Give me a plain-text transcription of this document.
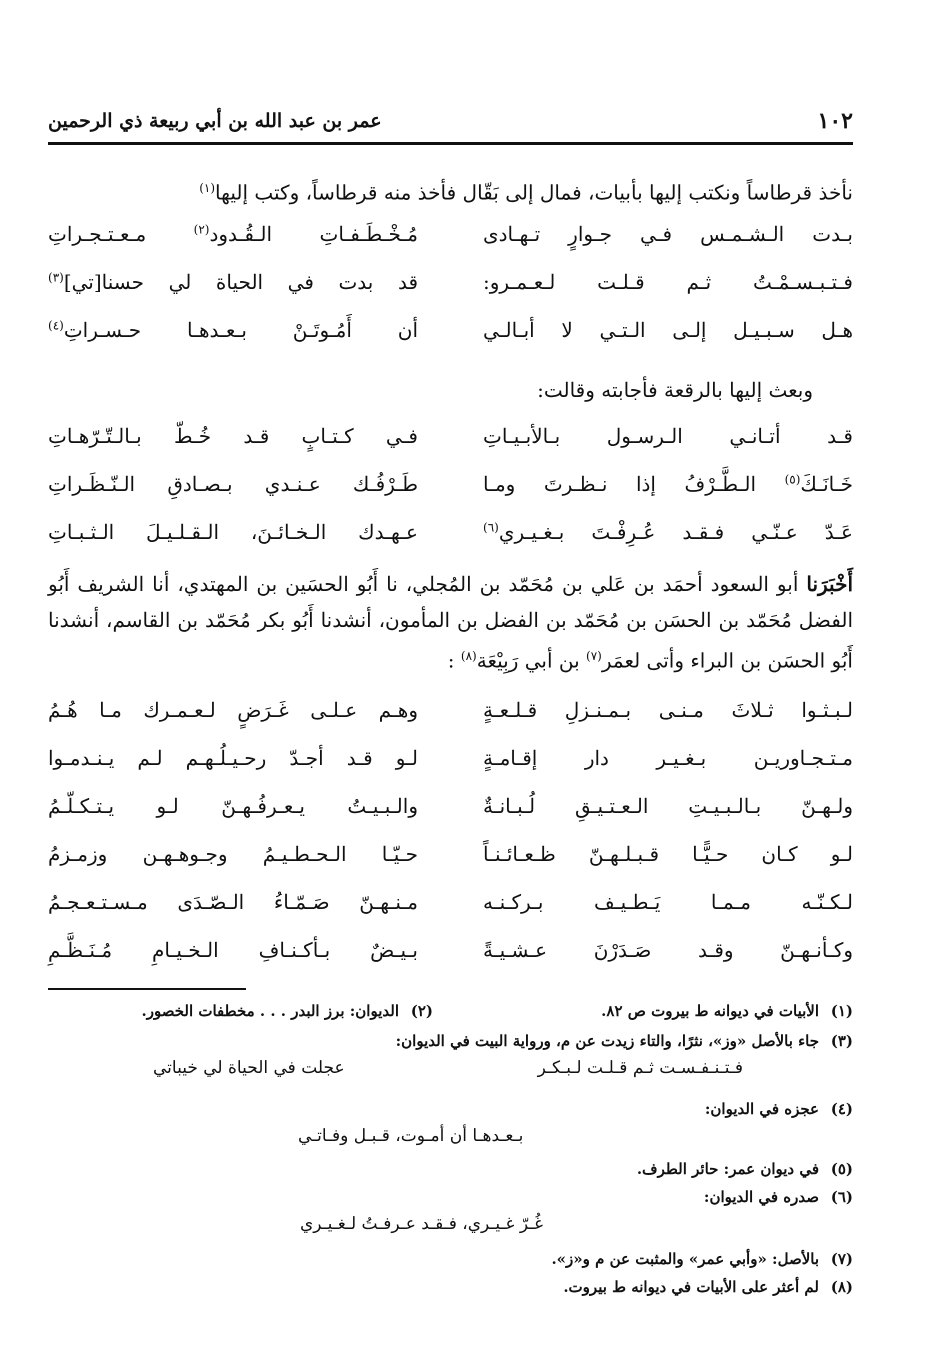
١٠٢
عمر بن عبد الله بن أبي ربيعة ذي الرحمين
نأخذ قرطاساً ونكتب إليها بأبيات، فمال إلى بَقّال فأخذ منه قرطاساً، وكتب إليها$^{(١)}$
بـدت الـشـمـس فـي جـوارٍ تـهـادى
مُـخْـطَـفـاتِ الـقُـدود$^{(٢)}$ مـعـتـجـراتِ
فـتـبـسـمْـتُ ثـم قـلـت لـعـمـرو:
قد بدت في الحياة لي حسنا[تي]$^{(٣)}$
هـل سـبـيـل إلـى الـتـي لا أبـالـي
أن أَمُـوتَـنْ بـعـدهـا حـسـراتِ$^{(٤)}$
وبعث إليها بالرقعة فأجابته وقالت:
قـد أتـانـي الـرسـول بـالأبـيـاتِ
فـي كـتـابٍ قـد خُـطّ بـالـتّـرّهـاتِ
خَـانَـكَ$^{(٥)}$ الـطَّـرْفُ إذا نـظـرتَ ومـا
طَـرْفُـك عـنـدي بـصـادقِ الـنّـظَـراتِ
عَـدّ عـنّـي فـقـد عُـرِفْـتَ بـغـيـري$^{(٦)}$
عـهـدك الـخـائـنَ، الـقـلـيـلَ الـثـبـاتِ
أَخْبَرَنا أبو السعود أحمَد بن عَلي بن مُحَمّد بن المُجلي، نا أَبُو الحسَين بن المهتدي، أنا الشريف أَبُو الفضل مُحَمّد بن الحسَن بن مُحَمّد بن الفضل بن المأمون، أنشدنا أَبُو بكر مُحَمّد بن القاسم، أنشدنا أَبُو الحسَن بن البراء وأتى لعمَر$^{(٧)}$ بن أبي رَبِيْعَة$^{(٨)}$ :
لـبـثـوا ثـلاثَ مـنـى بـمـنـزلِ قـلـعـةٍ
وهـم عـلـى غَـرَضٍ لـعـمـرك مـا هُـمُ
مـتـجـاوريـن بـغـيـر دار إقـامـةٍ
لـو قـد أجـدّ رحـيـلُـهـم لـم يـنـدمـوا
ولـهـنّ بـالـبـيـتِ الـعـتـيـقِ لُـبـانـةٌ
والـبـيـتُ يـعـرفُـهـنّ لـو يـتـكـلّـمُ
لـو كـان حـيًّـا قـبـلـهـنّ ظـعـائـنـاً
حـيّـا الـحـطـيـمُ وجـوهـهـن وزمـزمُ
لـكـنّـه مـمـا يَـطـيـف بـركـنـه
مـنـهـنّ صَـمّـاءُ الـصّـدَى مـسـتـعـجـمُ
وكـأنـهـنّ وقـد صَـدَرْنَ عـشـيـةً
بـيـضٌ بـأكـنـافِ الـخـيـامِ مُـنَـظَّـمِ
(١)الأبيات في ديوانه ط بيروت ص ٨٢.
(٢)الديوان: برز البدر . . . مخطفات الخصور.
(٣)جاء بالأصل «وز»، نثرًا، والتاء زيدت عن م، ورواية البيت في الديوان:
فـتـنـفـسـت ثـم قـلـت لـبـكـر
عجلت في الحياة لي خيباتي
(٤)عجزه في الديوان:
بـعـدهـا أن أمـوت، قـبـل وفـاتـي
(٥)في ديوان عمر: حائر الطرف.
(٦)صدره في الديوان:
غُـرّ غـيـري، فـقـد عـرفـتُ لـغـيـري
(٧)بالأصل: «وأبي عمر» والمثبت عن م و«ز».
(٨)لم أعثر على الأبيات في ديوانه ط بيروت.
